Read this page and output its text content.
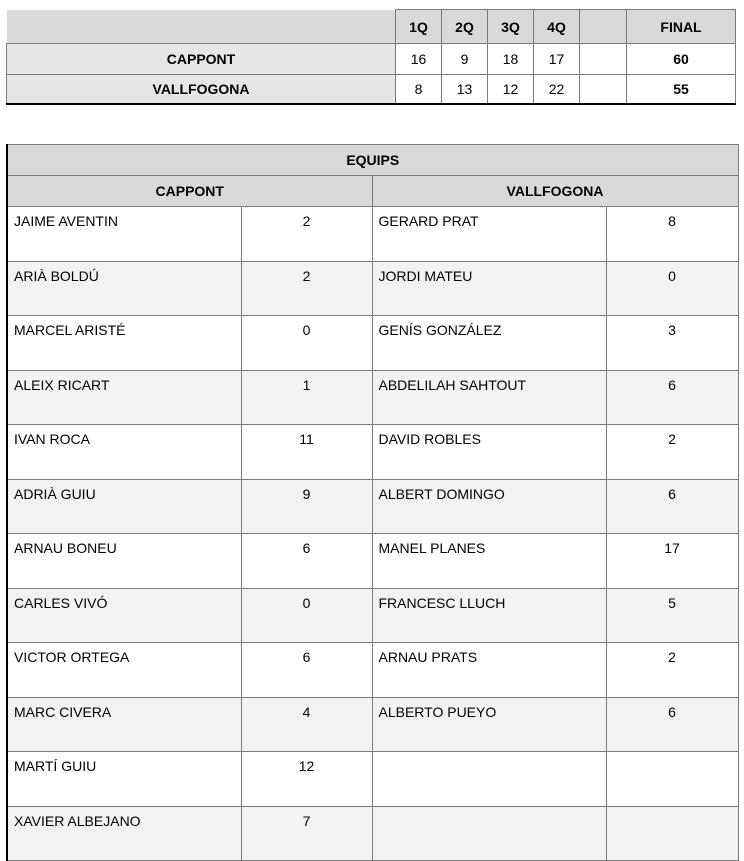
	1Q	2Q	3Q	4Q		FINAL
CAPPONT	16	9	18	17		60
VALLFOGONA	8	13	12	22		55
EQUIPS			
CAPPONT		VALLFOGONA	
JAIME AVENTIN	2	GERARD PRAT	8
ARIÀ BOLDÚ	2	JORDI MATEU	0
MARCEL ARISTÉ	0	GENÍS GONZÁLEZ	3
ALEIX RICART	1	ABDELILAH SAHTOUT	6
IVAN ROCA	11	DAVID ROBLES	2
ADRIÀ GUIU	9	ALBERT DOMINGO	6
ARNAU BONEU	6	MANEL PLANES	17
CARLES VIVÓ	0	FRANCESC LLUCH	5
VICTOR ORTEGA	6	ARNAU PRATS	2
MARC CIVERA	4	ALBERTO PUEYO	6
MARTÍ GUIU	12		
XAVIER ALBEJANO	7		
